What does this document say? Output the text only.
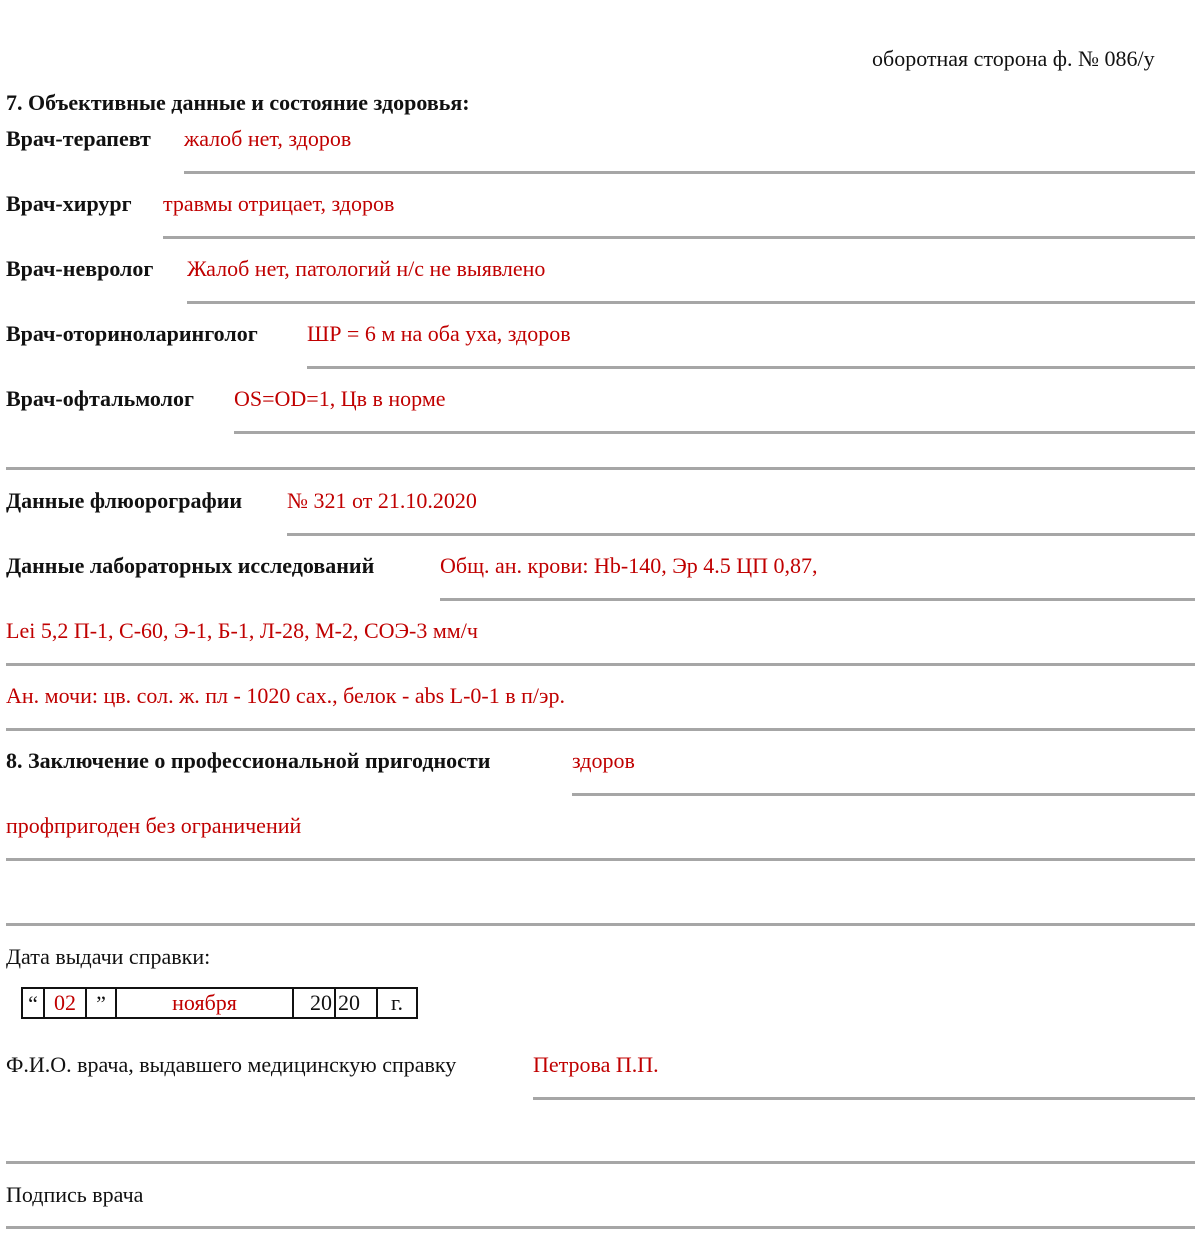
оборотная сторона ф. № 086/у
7. Объективные данные и состояние здоровья:
Врач-терапевт жалоб нет, здоров
Врач-хирург травмы отрицает, здоров
Врач-невролог Жалоб нет, патологий н/с не выявлено
Врач-оториноларинголог ШР = 6 м на оба уха, здоров
Врач-офтальмолог OS=OD=1, Цв в норме
Данные флюорографии № 321 от 21.10.2020
Данные лабораторных исследований	Общ. ан. крови: Hb-140, Эр 4.5 ЦП 0,87,
Lei 5,2 П-1, С-60, Э-1, Б-1, Л-28, М-2, СОЭ-3 мм/ч
Ан. мочи: цв. сол. ж. пл - 1020 сах., белок - abs L-0-1 в п/эр.
8. Заключение о профессиональной пригодности	здоров
профпригоден без ограничений
Дата выдачи справки:
“ 02 ”	ноября	20 20	г.
Ф.И.О. врача, выдавшего медицинскую справку	Петрова П.П.
Подпись врача
